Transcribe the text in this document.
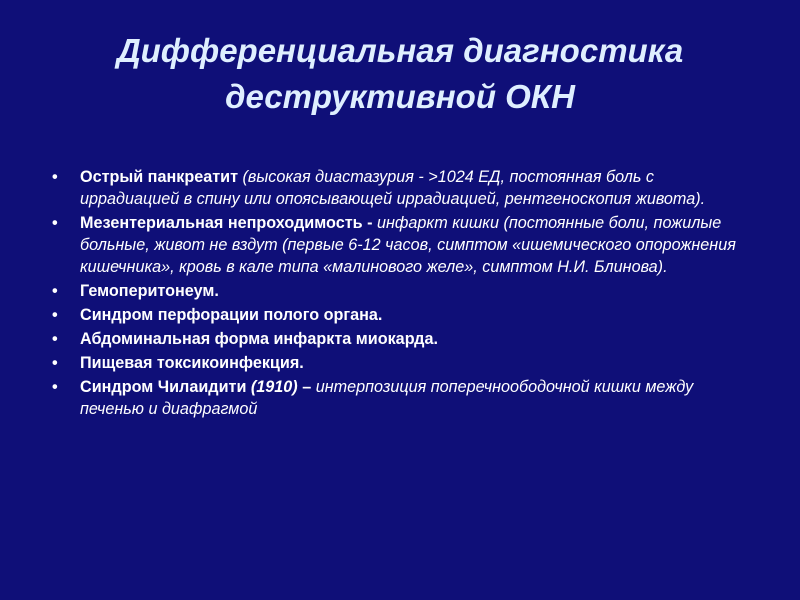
Дифференциальная диагностика
деструктивной ОКН
•	Острый панкреатит (высокая диастазурия - >1024 ЕД, постоянная боль с иррадиацией в спину или опоясывающей иррадиацией, рентгеноскопия живота).
•	Мезентериальная непроходимость - инфаркт кишки (постоянные боли, пожилые больные, живот не вздут (первые 6-12 часов, симптом «ишемического опорожнения кишечника», кровь в кале типа «малинового желе», симптом Н.И. Блинова).
•	Гемоперитонеум.
•	Синдром перфорации полого органа.
•	Абдоминальная форма инфаркта миокарда.
•	Пищевая токсикоинфекция.
•	Синдром Чилаидити (1910) – интерпозиция поперечноободочной кишки между печенью и диафрагмой
